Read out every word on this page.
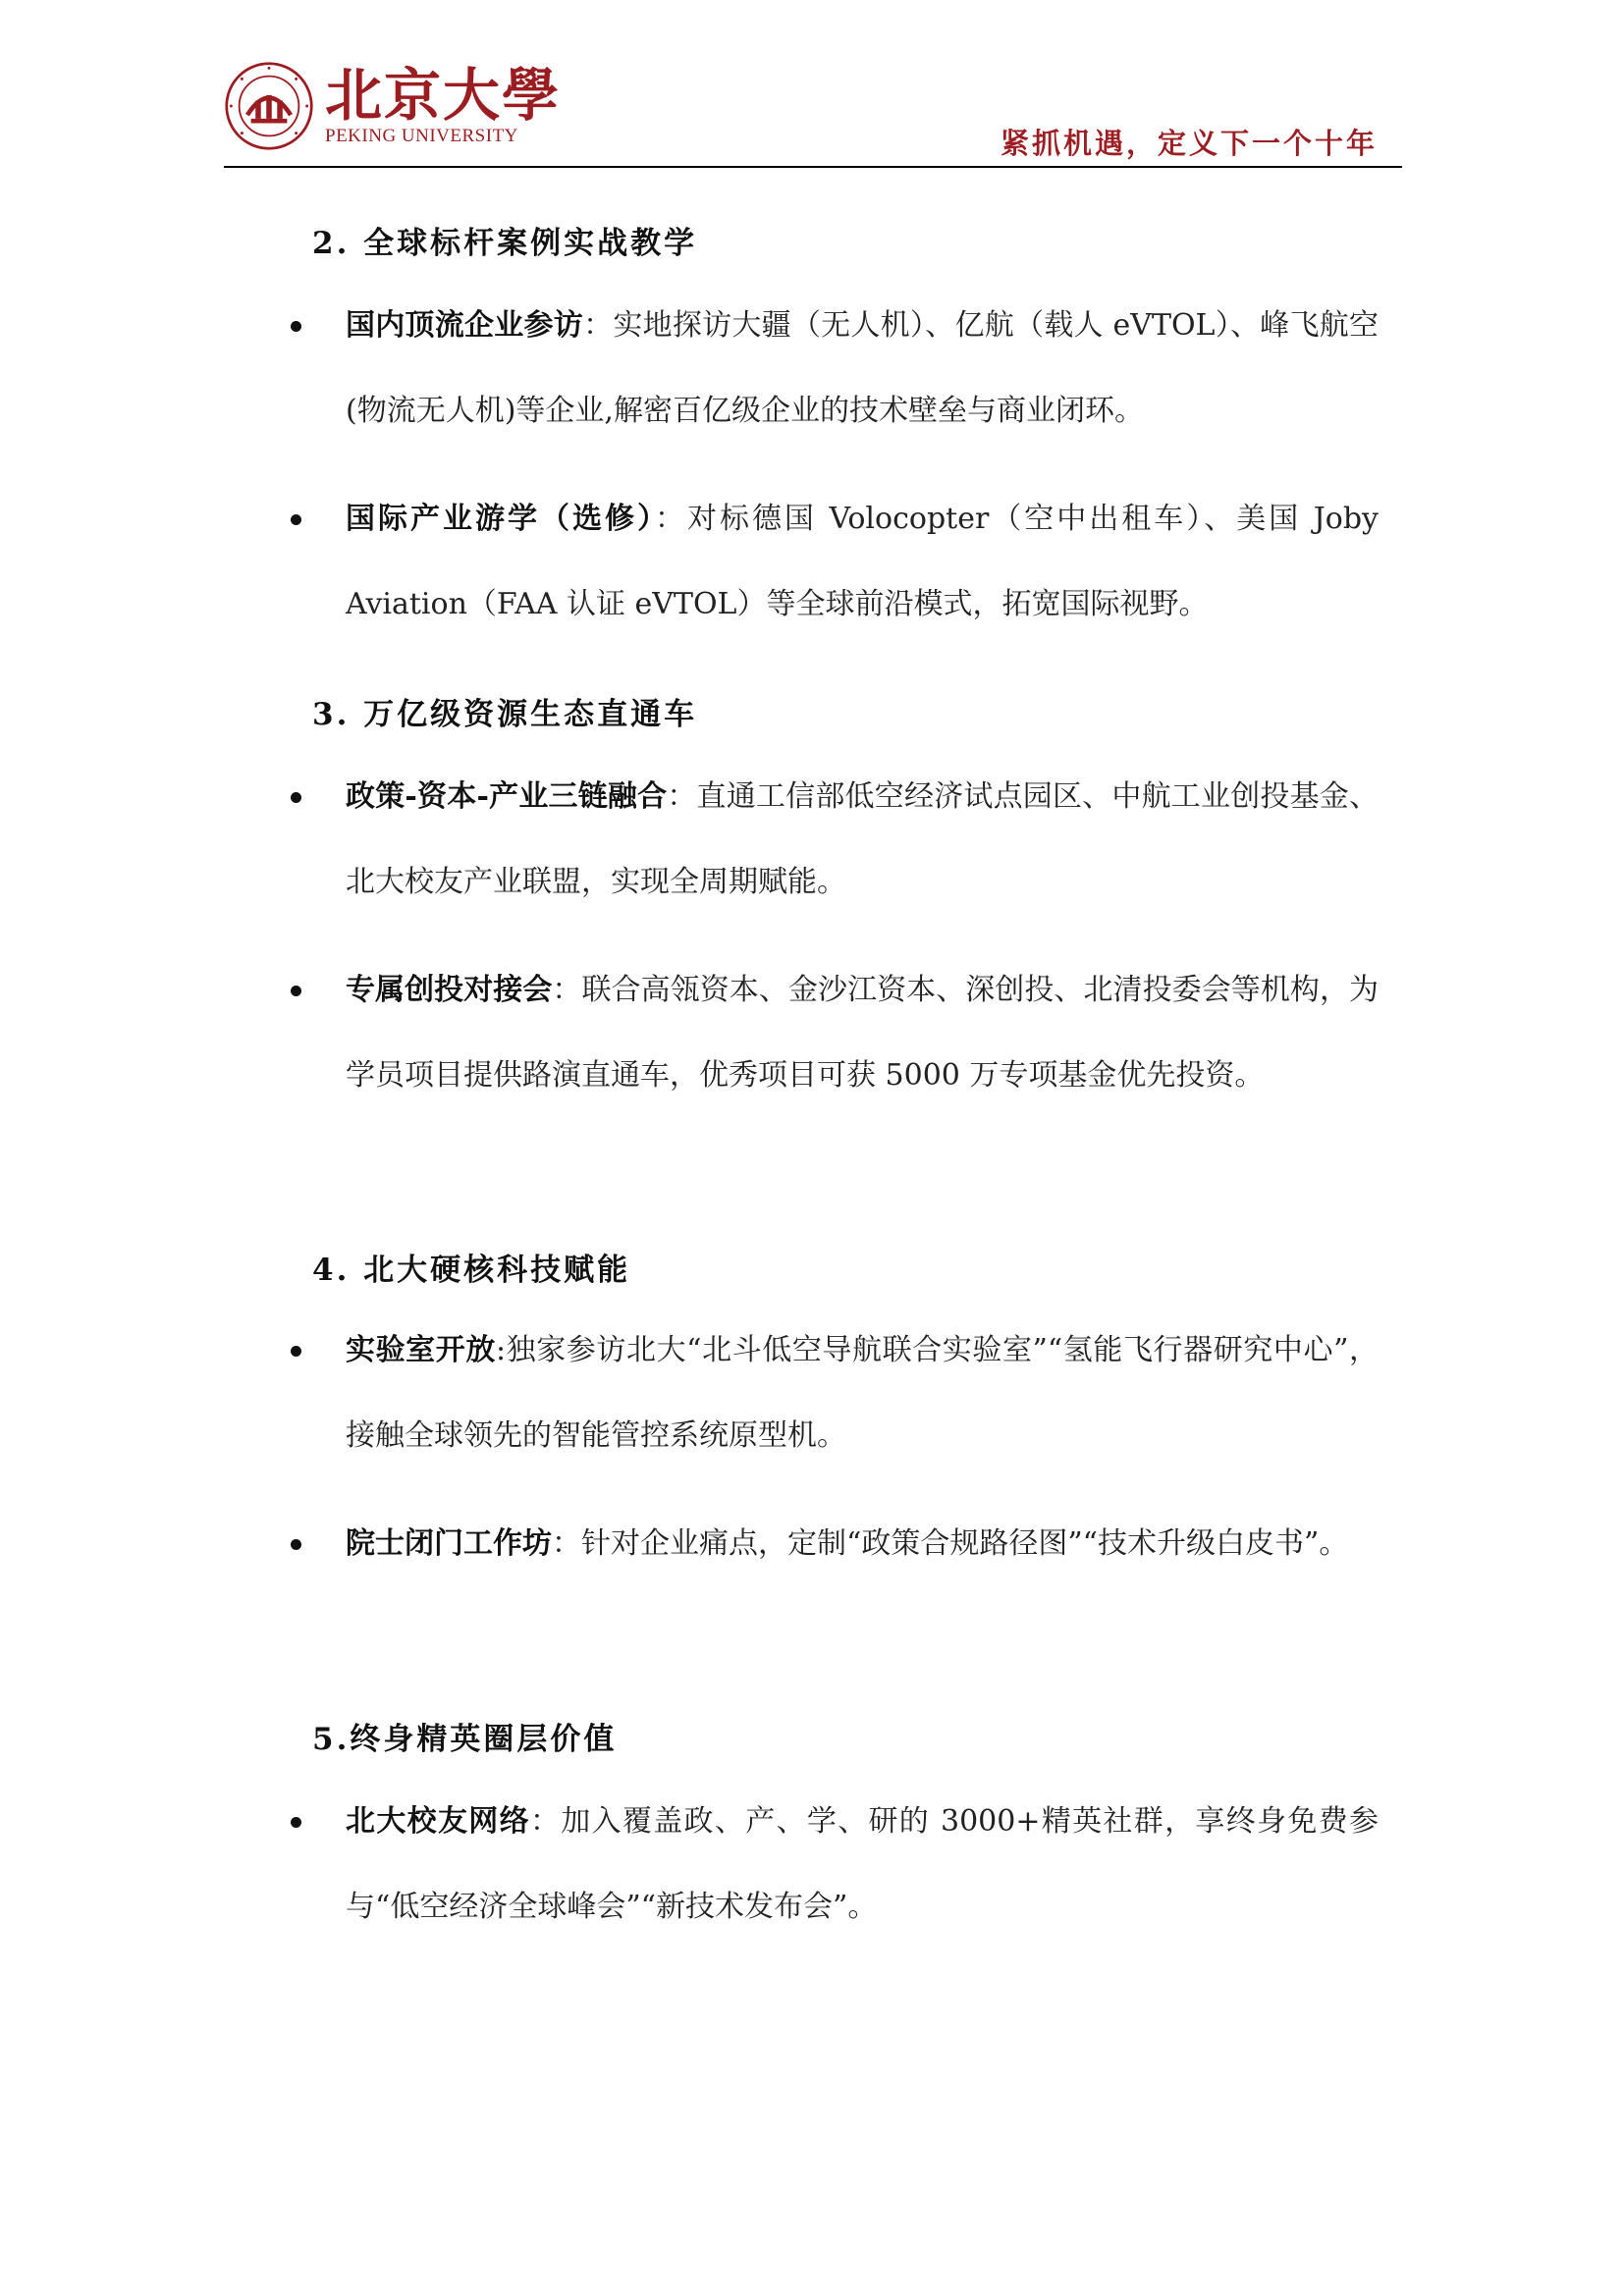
北京大學
PEKING UNIVERSITY	紧抓机遇，定义下一个十年
2. 全球标杆案例实战教学
国内顶流企业参访：实地探访大疆（无人机）、亿航（载人 eVTOL）、峰飞航空(物流无人机)等企业,解密百亿级企业的技术壁垒与商业闭环。
国际产业游学（选修）：对标德国 Volocopter（空中出租车）、美国 Joby Aviation（FAA 认证 eVTOL）等全球前沿模式，拓宽国际视野。
3. 万亿级资源生态直通车
政策-资本-产业三链融合：直通工信部低空经济试点园区、中航工业创投基金、北大校友产业联盟，实现全周期赋能。
专属创投对接会：联合高瓴资本、金沙江资本、深创投、北清投委会等机构，为学员项目提供路演直通车，优秀项目可获 5000 万专项基金优先投资。
4. 北大硬核科技赋能
实验室开放:独家参访北大“北斗低空导航联合实验室”“氢能飞行器研究中心”，接触全球领先的智能管控系统原型机。
院士闭门工作坊：针对企业痛点，定制“政策合规路径图”“技术升级白皮书”。
5.终身精英圈层价值
北大校友网络：加入覆盖政、产、学、研的 3000+精英社群，享终身免费参与“低空经济全球峰会”“新技术发布会”。
